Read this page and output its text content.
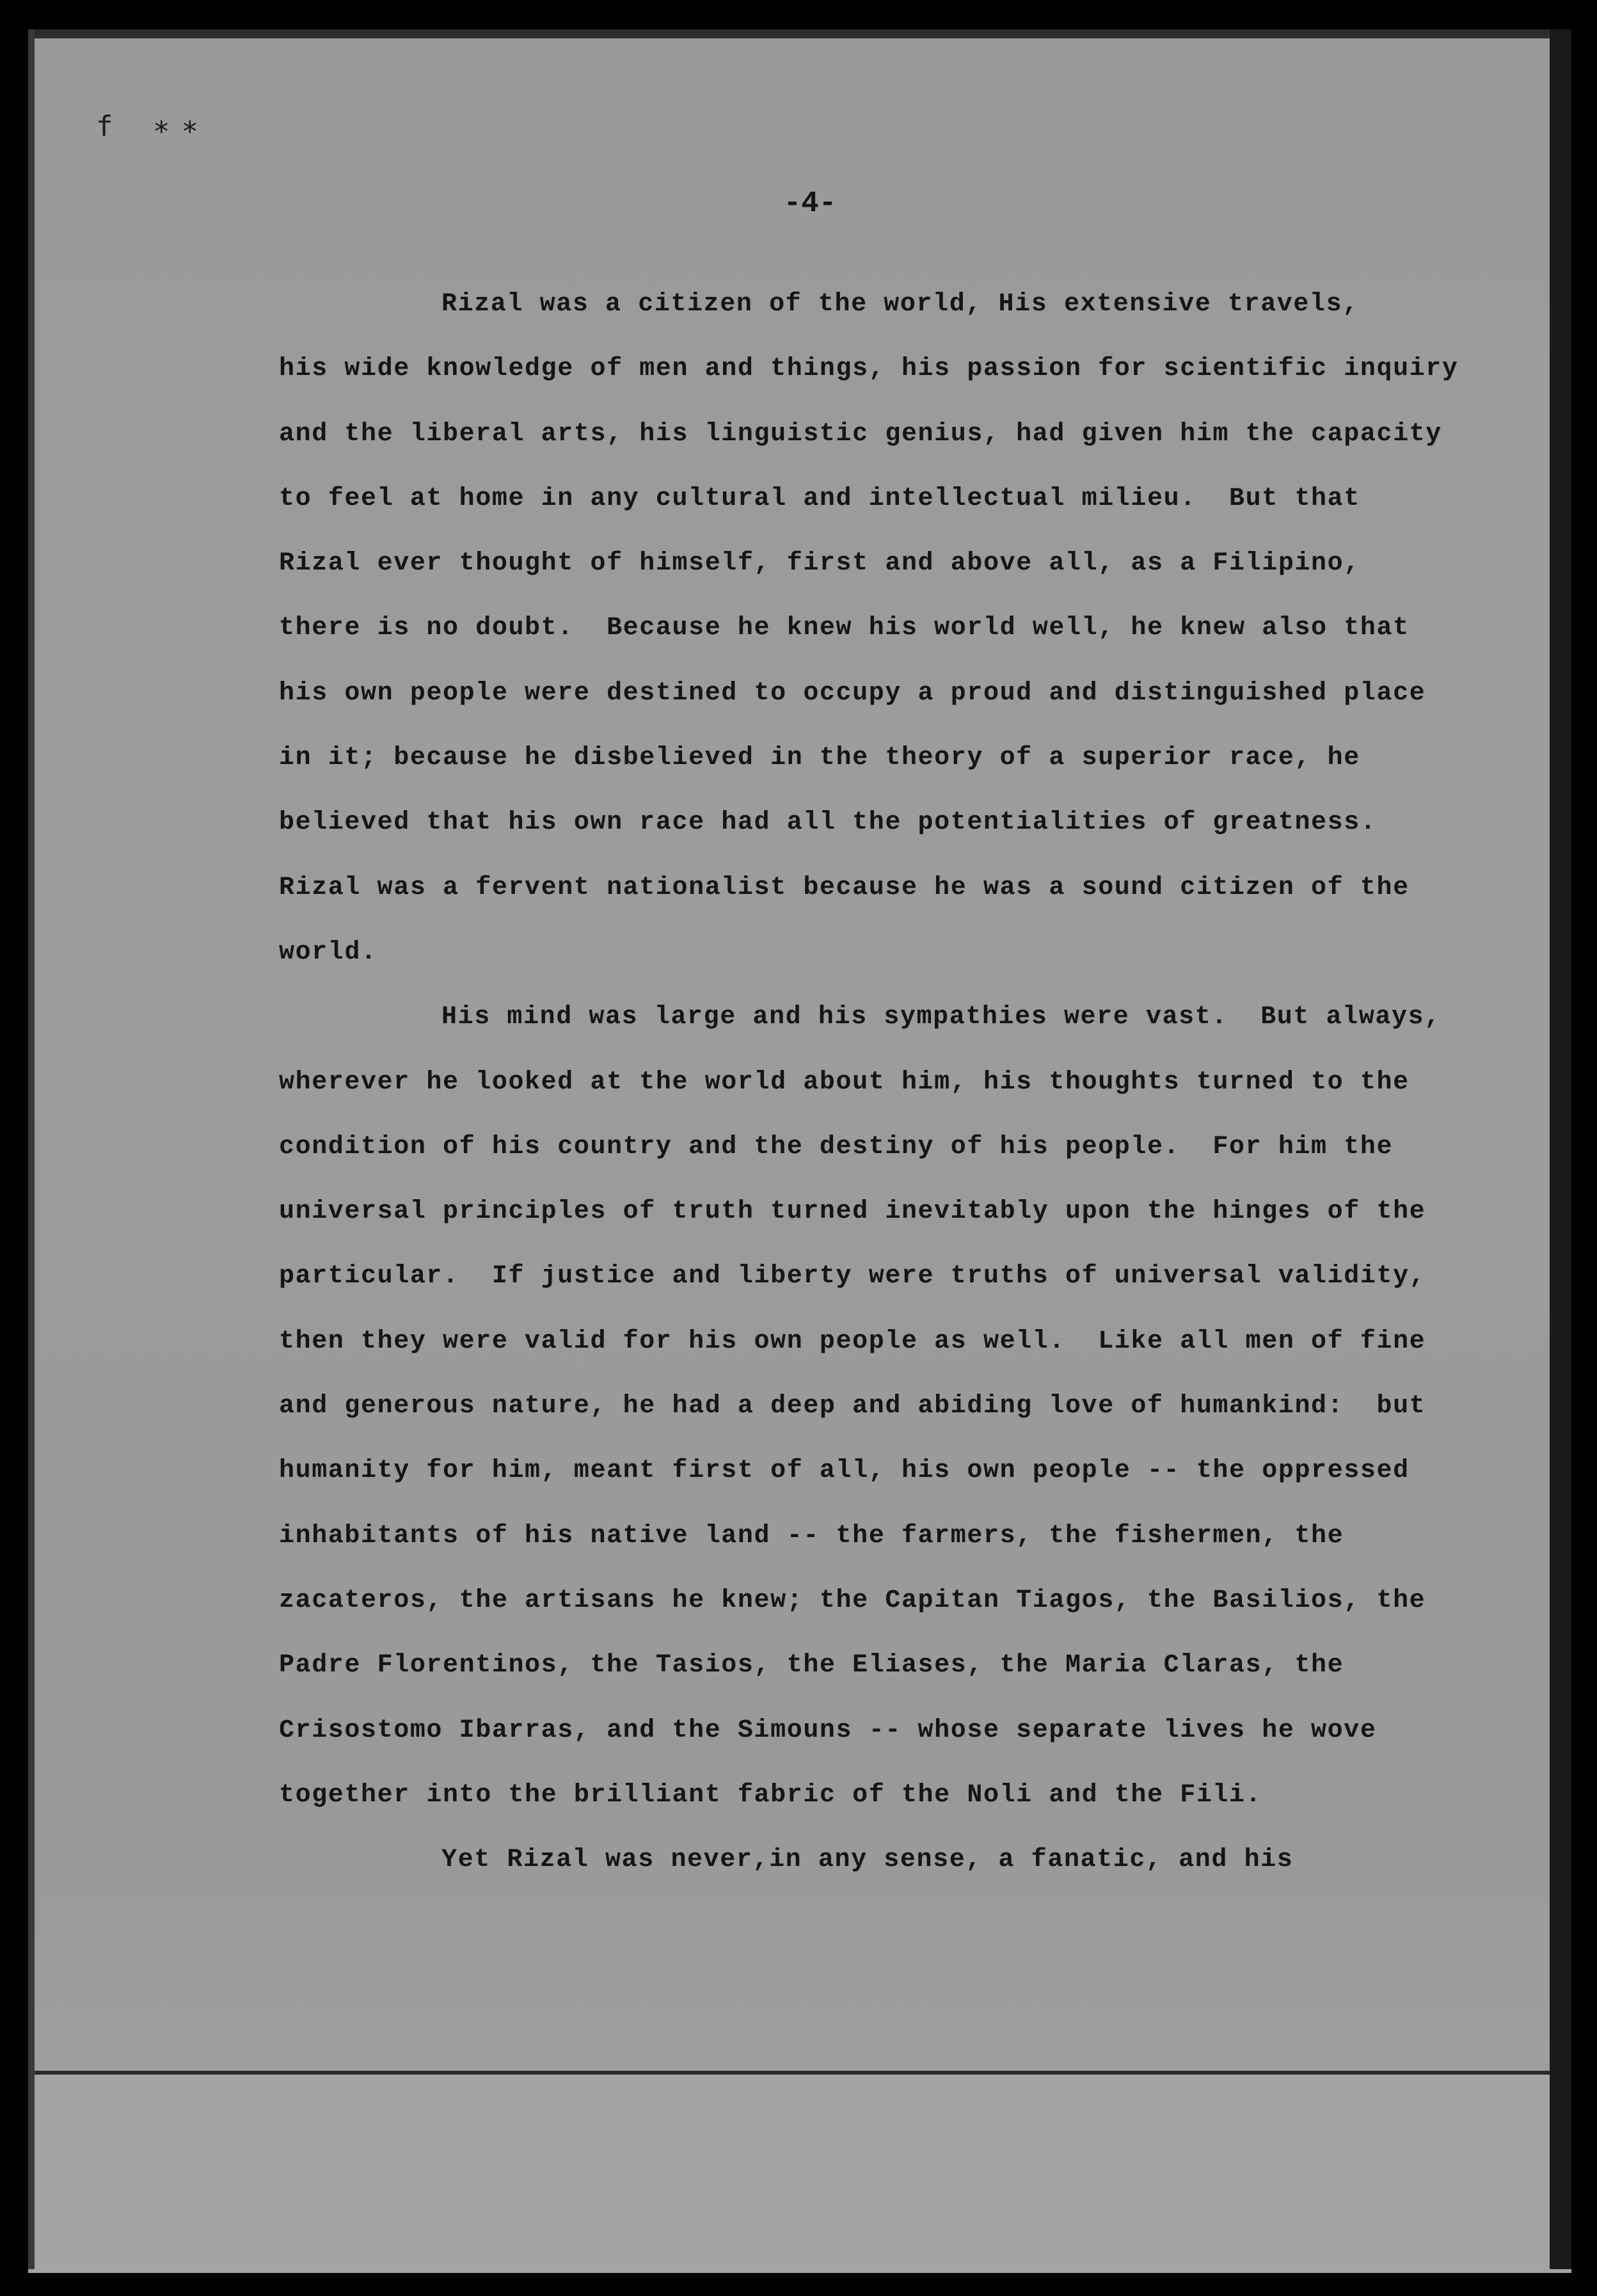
f ∗∗
-4-
Rizal was a citizen of the world, His extensive travels,
his wide knowledge of men and things, his passion for scientific inquiry
and the liberal arts, his linguistic genius, had given him the capacity
to feel at home in any cultural and intellectual milieu.  But that
Rizal ever thought of himself, first and above all, as a Filipino,
there is no doubt.  Because he knew his world well, he knew also that
his own people were destined to occupy a proud and distinguished place
in it; because he disbelieved in the theory of a superior race, he
believed that his own race had all the potentialities of greatness.
Rizal was a fervent nationalist because he was a sound citizen of the
world.
His mind was large and his sympathies were vast.  But always,
wherever he looked at the world about him, his thoughts turned to the
condition of his country and the destiny of his people.  For him the
universal principles of truth turned inevitably upon the hinges of the
particular.  If justice and liberty were truths of universal validity,
then they were valid for his own people as well.  Like all men of fine
and generous nature, he had a deep and abiding love of humankind:  but
humanity for him, meant first of all, his own people -- the oppressed
inhabitants of his native land -- the farmers, the fishermen, the
zacateros, the artisans he knew; the Capitan Tiagos, the Basilios, the
Padre Florentinos, the Tasios, the Eliases, the Maria Claras, the
Crisostomo Ibarras, and the Simouns -- whose separate lives he wove
together into the brilliant fabric of the Noli and the Fili.
Yet Rizal was never,in any sense, a fanatic, and his
